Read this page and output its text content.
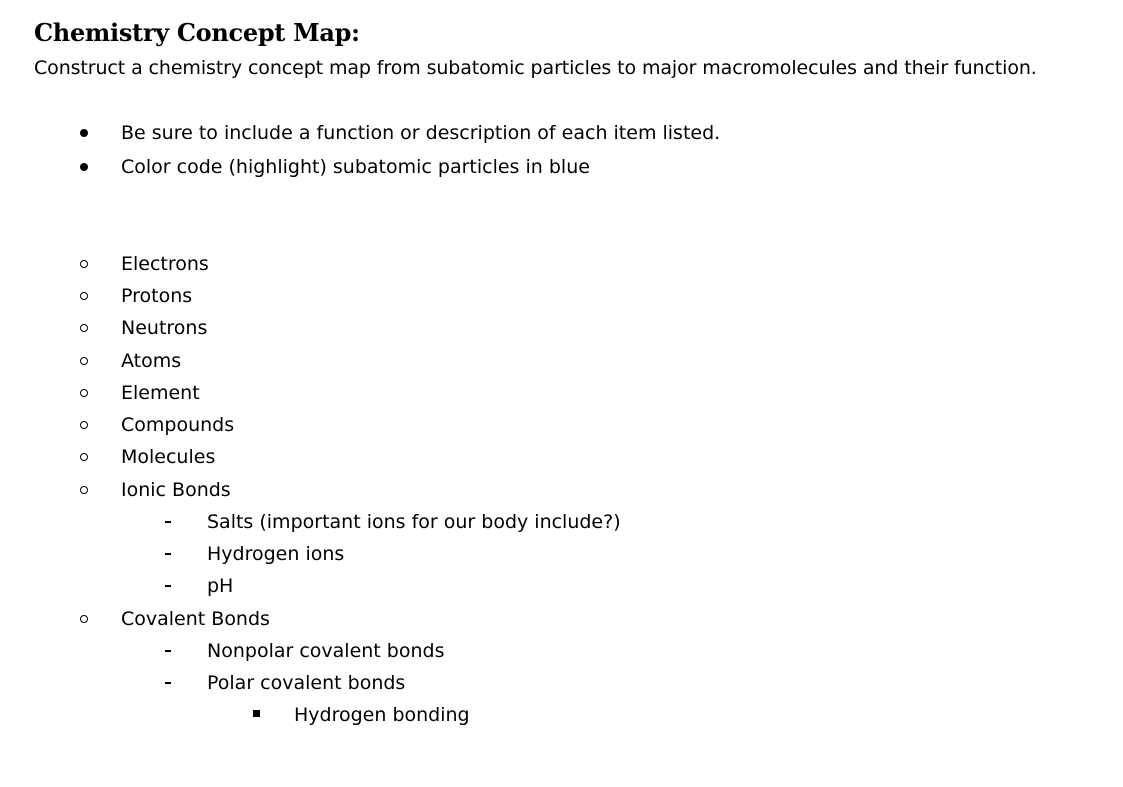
Chemistry Concept Map:
Construct a chemistry concept map from subatomic particles to major macromolecules and their function.
Be sure to include a function or description of each item listed.
Color code (highlight) subatomic particles in blue
Electrons
Protons
Neutrons
Atoms
Element
Compounds
Molecules
Ionic Bonds
Salts (important ions for our body include?)
Hydrogen ions
pH
Covalent Bonds
Nonpolar covalent bonds
Polar covalent bonds
Hydrogen bonding
